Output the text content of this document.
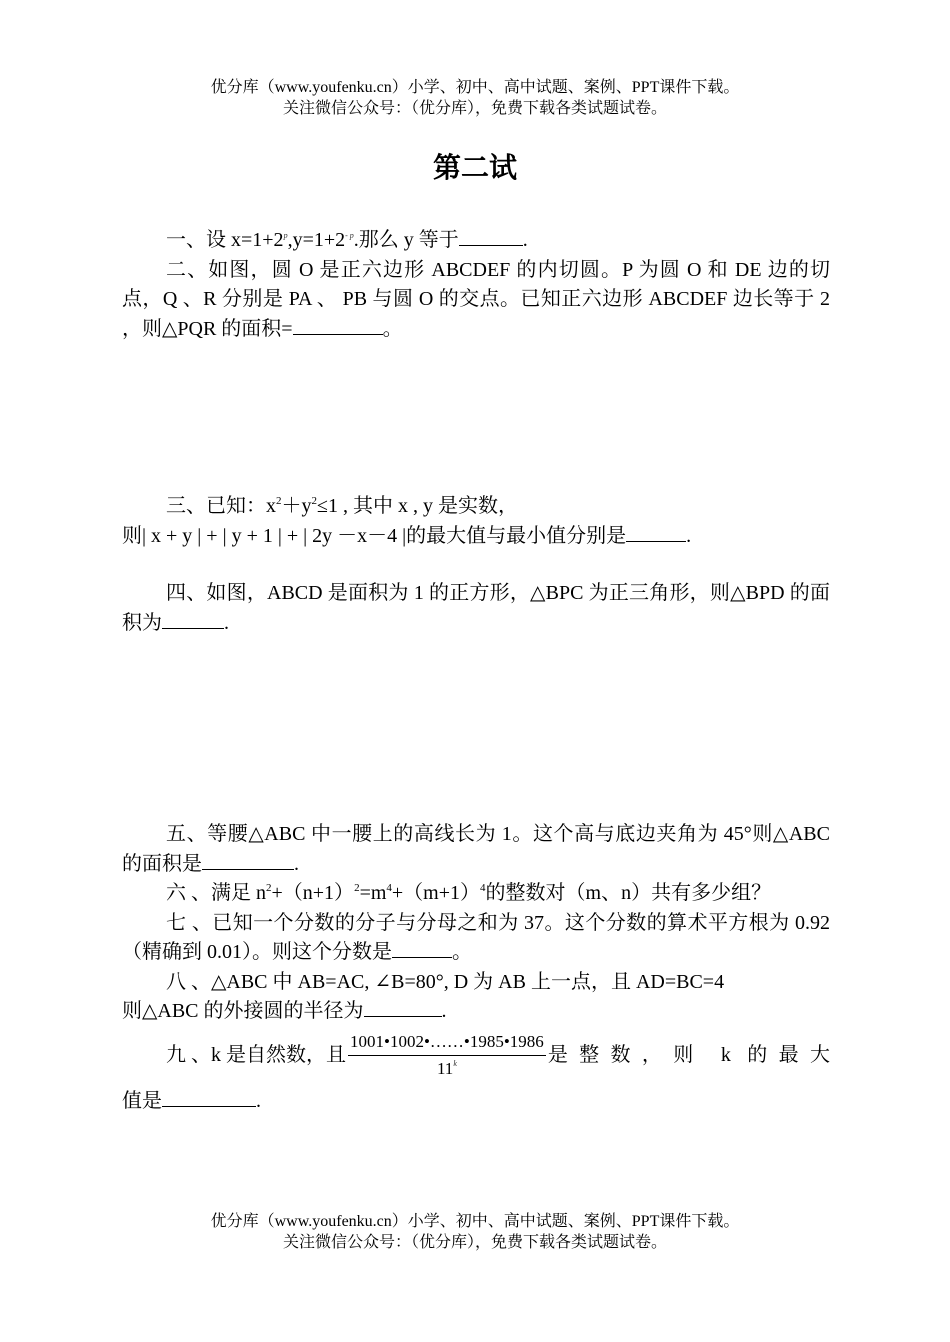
优分库（www.youfenku.cn）小学、初中、高中试题、案例、PPT课件下载。
关注微信公众号：（优分库），免费下载各类试题试卷。
第二试

一、设 $x=1+2^p,y=1+2^{- p}$.那么 y 等于	.

二、如图，圆 O 是正六边形 ABCDEF 的内切圆。P 为圆 O 和 DE 边的切点，Q 、R 分别是 PA 、 PB 与圆 O 的交点。已知正六边形 ABCDEF 边长等于 2 ，则△PQR 的面积=	。

三、已知：$x^2+y^2\le 1$ , 其中 x , y 是实数，

则| x + y | + | y + 1 | + | 2y －x－4 |的最大值与最小值分别是	.

四、如图，ABCD 是面积为 1 的正方形，△BPC 为正三角形，则△BPD 的面积为	.

五、等腰△ABC 中一腰上的高线长为 1。这个高与底边夹角为 45°则△ABC 的面积是	.

六 、满足 $n^2+(n+1)^2=m^4+(m+1)^4$的整数对（m、n）共有多少组？

七 、已知一个分数的分子与分母之和为 37。这个分数的算术平方根为 0.92（精确到 0.01）。则这个分数是	。

八 、△ABC 中 AB=AC, ∠B=80°, D 为 AB 上一点，且 AD=BC=4

则△ABC 的外接圆的半径为	.

九 、k 是自然数，且 $\frac{1001•1002•\dots\dots•1985•1986}{11^k}$ 是整数，则 k 的最大

值是	.

优分库（www.youfenku.cn）小学、初中、高中试题、案例、PPT课件下载。
关注微信公众号：（优分库），免费下载各类试题试卷。
